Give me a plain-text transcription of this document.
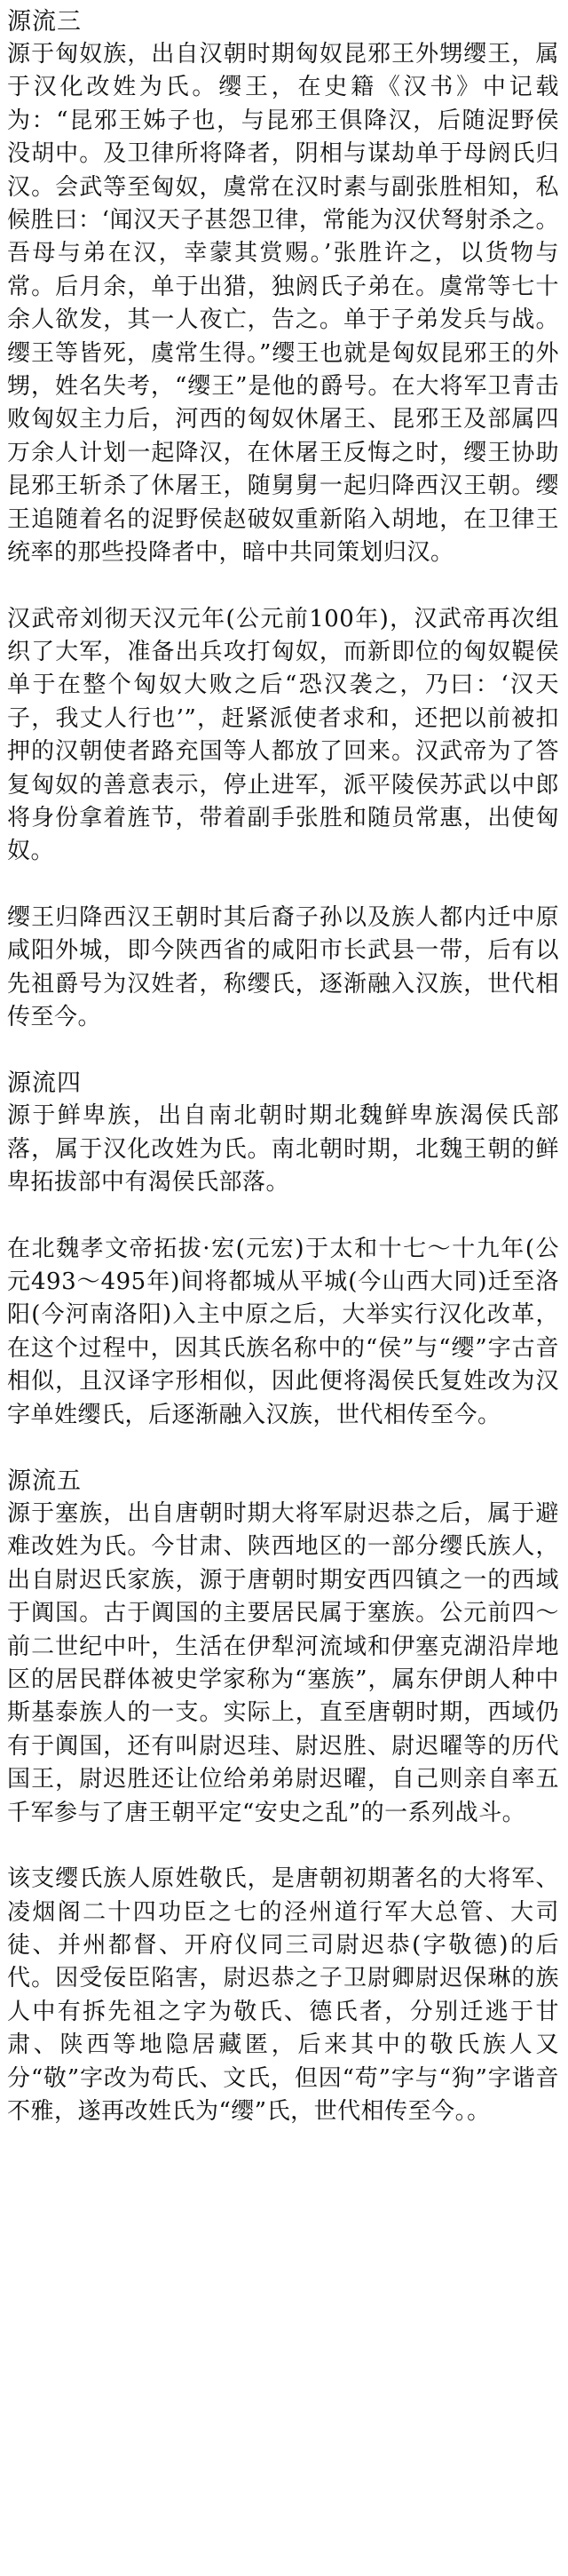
源流三
源于匈奴族，出自汉朝时期匈奴昆邪王外甥缨王，属于汉化改姓为氏。缨王，在史籍《汉书》中记载为：“昆邪王姊子也，与昆邪王俱降汉，后随浞野侯没胡中。及卫律所将降者，阴相与谋劫单于母阏氏归汉。会武等至匈奴，虞常在汉时素与副张胜相知，私候胜曰：‘闻汉天子甚怨卫律，常能为汉伏弩射杀之。吾母与弟在汉，幸蒙其赏赐。’张胜许之，以货物与常。后月余，单于出猎，独阏氏子弟在。虞常等七十余人欲发，其一人夜亡，告之。单于子弟发兵与战。缨王等皆死，虞常生得。”缨王也就是匈奴昆邪王的外甥，姓名失考，“缨王”是他的爵号。在大将军卫青击败匈奴主力后，河西的匈奴休屠王、昆邪王及部属四万余人计划一起降汉，在休屠王反悔之时，缨王协助昆邪王斩杀了休屠王，随舅舅一起归降西汉王朝。缨王追随着名的浞野侯赵破奴重新陷入胡地，在卫律王统率的那些投降者中，暗中共同策划归汉。
汉武帝刘彻天汉元年(公元前100年)，汉武帝再次组织了大军，准备出兵攻打匈奴，而新即位的匈奴鞮侯单于在整个匈奴大败之后“恐汉袭之，乃曰：‘汉天子，我丈人行也’”，赶紧派使者求和，还把以前被扣押的汉朝使者路充国等人都放了回来。汉武帝为了答复匈奴的善意表示，停止进军，派平陵侯苏武以中郎将身份拿着旌节，带着副手张胜和随员常惠，出使匈奴。
缨王归降西汉王朝时其后裔子孙以及族人都内迁中原咸阳外城，即今陕西省的咸阳市长武县一带，后有以先祖爵号为汉姓者，称缨氏，逐渐融入汉族，世代相传至今。
源流四
源于鲜卑族，出自南北朝时期北魏鲜卑族渴侯氏部落，属于汉化改姓为氏。南北朝时期，北魏王朝的鲜卑拓拔部中有渴侯氏部落。
在北魏孝文帝拓拔·宏(元宏)于太和十七～十九年(公元493～495年)间将都城从平城(今山西大同)迁至洛阳(今河南洛阳)入主中原之后，大举实行汉化改革，在这个过程中，因其氏族名称中的“侯”与“缨”字古音相似，且汉译字形相似，因此便将渴侯氏复姓改为汉字单姓缨氏，后逐渐融入汉族，世代相传至今。
源流五
源于塞族，出自唐朝时期大将军尉迟恭之后，属于避难改姓为氏。今甘肃、陕西地区的一部分缨氏族人，出自尉迟氏家族，源于唐朝时期安西四镇之一的西域于阗国。古于阗国的主要居民属于塞族。公元前四～前二世纪中叶，生活在伊犁河流域和伊塞克湖沿岸地区的居民群体被史学家称为“塞族”，属东伊朗人种中斯基泰族人的一支。实际上，直至唐朝时期，西域仍有于阗国，还有叫尉迟珪、尉迟胜、尉迟曜等的历代国王，尉迟胜还让位给弟弟尉迟曜，自己则亲自率五千军参与了唐王朝平定“安史之乱”的一系列战斗。
该支缨氏族人原姓敬氏，是唐朝初期著名的大将军、凌烟阁二十四功臣之七的泾州道行军大总管、大司徒、并州都督、开府仪同三司尉迟恭(字敬德)的后代。因受佞臣陷害，尉迟恭之子卫尉卿尉迟保琳的族人中有拆先祖之字为敬氏、德氏者，分别迁逃于甘肃、陕西等地隐居藏匿，后来其中的敬氏族人又分“敬”字改为苟氏、文氏，但因“苟”字与“狗”字谐音不雅，遂再改姓氏为“缨”氏，世代相传至今。。
